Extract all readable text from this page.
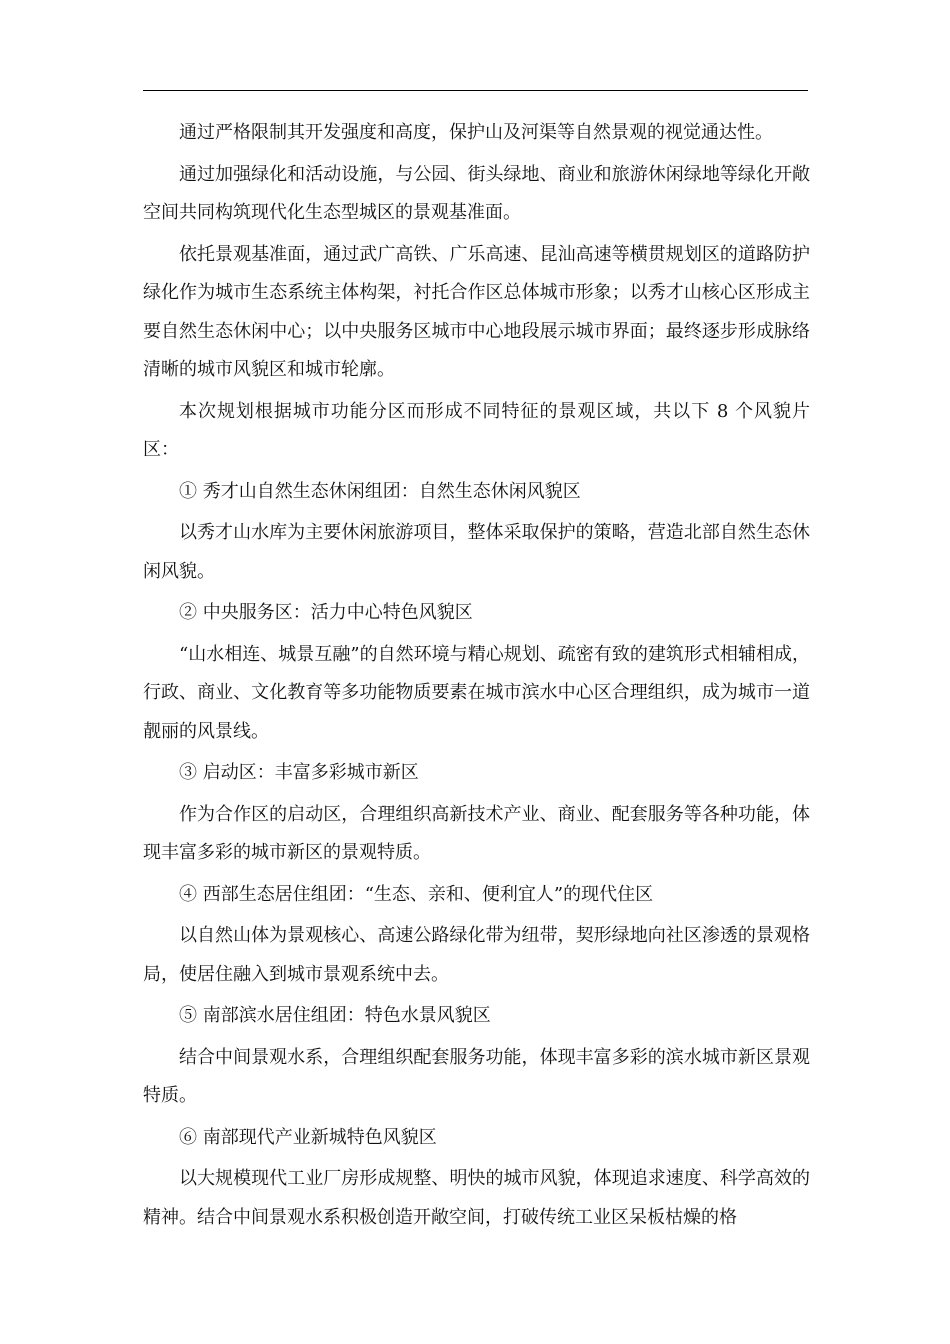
通过严格限制其开发强度和高度，保护山及河渠等自然景观的视觉通达性。

通过加强绿化和活动设施，与公园、街头绿地、商业和旅游休闲绿地等绿化开敞空间共同构筑现代化生态型城区的景观基准面。

依托景观基准面，通过武广高铁、广乐高速、昆汕高速等横贯规划区的道路防护绿化作为城市生态系统主体构架，衬托合作区总体城市形象；以秀才山核心区形成主要自然生态休闲中心；以中央服务区城市中心地段展示城市界面；最终逐步形成脉络清晰的城市风貌区和城市轮廓。

本次规划根据城市功能分区而形成不同特征的景观区域，共以下 8 个风貌片区：

① 秀才山自然生态休闲组团：自然生态休闲风貌区

以秀才山水库为主要休闲旅游项目，整体采取保护的策略，营造北部自然生态休闲风貌。

② 中央服务区：活力中心特色风貌区

“山水相连、城景互融”的自然环境与精心规划、疏密有致的建筑形式相辅相成，行政、商业、文化教育等多功能物质要素在城市滨水中心区合理组织，成为城市一道靓丽的风景线。

③ 启动区：丰富多彩城市新区

作为合作区的启动区，合理组织高新技术产业、商业、配套服务等各种功能，体现丰富多彩的城市新区的景观特质。

④ 西部生态居住组团：“生态、亲和、便利宜人”的现代住区

以自然山体为景观核心、高速公路绿化带为纽带，契形绿地向社区渗透的景观格局，使居住融入到城市景观系统中去。

⑤ 南部滨水居住组团：特色水景风貌区

结合中间景观水系，合理组织配套服务功能，体现丰富多彩的滨水城市新区景观特质。

⑥ 南部现代产业新城特色风貌区

以大规模现代工业厂房形成规整、明快的城市风貌，体现追求速度、科学高效的精神。结合中间景观水系积极创造开敞空间，打破传统工业区呆板枯燥的格
